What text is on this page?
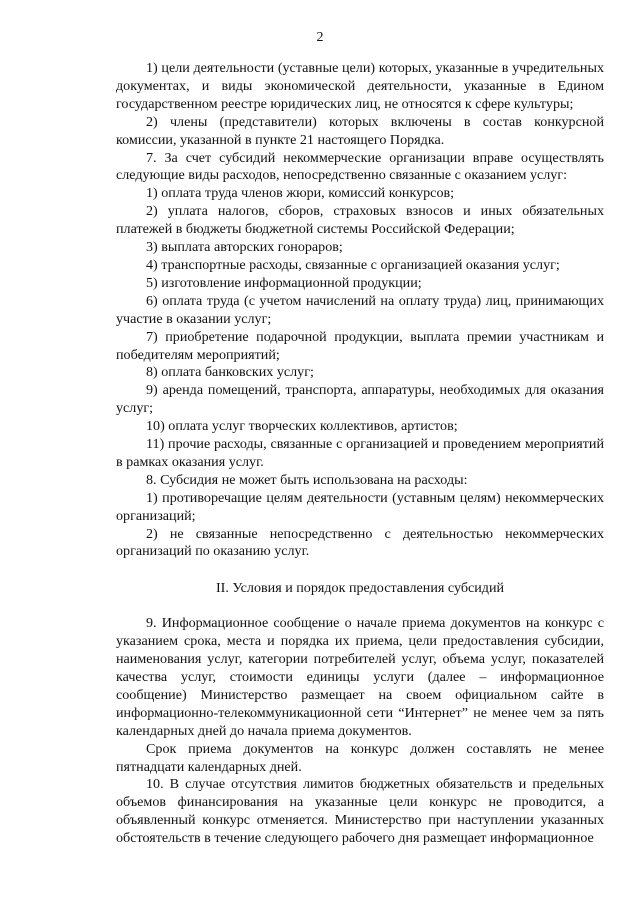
2

1) цели деятельности (уставные цели) которых, указанные в учредительных документах, и виды экономической деятельности, указанные в Едином государственном реестре юридических лиц, не относятся к сфере культуры;

2) члены (представители) которых включены в состав конкурсной комиссии, указанной в пункте 21 настоящего Порядка.

7. За счет субсидий некоммерческие организации вправе осуществлять следующие виды расходов, непосредственно связанные с оказанием услуг:

1) оплата труда членов жюри, комиссий конкурсов;

2) уплата налогов, сборов, страховых взносов и иных обязательных платежей в бюджеты бюджетной системы Российской Федерации;

3) выплата авторских гонораров;

4) транспортные расходы, связанные с организацией оказания услуг;

5) изготовление информационной продукции;

6) оплата труда (с учетом начислений на оплату труда) лиц, принимающих участие в оказании услуг;

7) приобретение подарочной продукции, выплата премии участникам и победителям мероприятий;

8) оплата банковских услуг;

9) аренда помещений, транспорта, аппаратуры, необходимых для оказания услуг;

10) оплата услуг творческих коллективов, артистов;

11) прочие расходы, связанные с организацией и проведением мероприятий в рамках оказания услуг.

8. Субсидия не может быть использована на расходы:

1) противоречащие целям деятельности (уставным целям) некоммерческих организаций;

2) не связанные непосредственно с деятельностью некоммерческих организаций по оказанию услуг.

II. Условия и порядок предоставления субсидий

9. Информационное сообщение о начале приема документов на конкурс с указанием срока, места и порядка их приема, цели предоставления субсидии, наименования услуг, категории потребителей услуг, объема услуг, показателей качества услуг, стоимости единицы услуги (далее – информационное сообщение) Министерство размещает на своем официальном сайте в информационно-телекоммуникационной сети “Интернет” не менее чем за пять календарных дней до начала приема документов.

Срок приема документов на конкурс должен составлять не менее пятнадцати календарных дней.

10. В случае отсутствия лимитов бюджетных обязательств и предельных объемов финансирования на указанные цели конкурс не проводится, а объявленный конкурс отменяется. Министерство при наступлении указанных обстоятельств в течение следующего рабочего дня размещает информационное
